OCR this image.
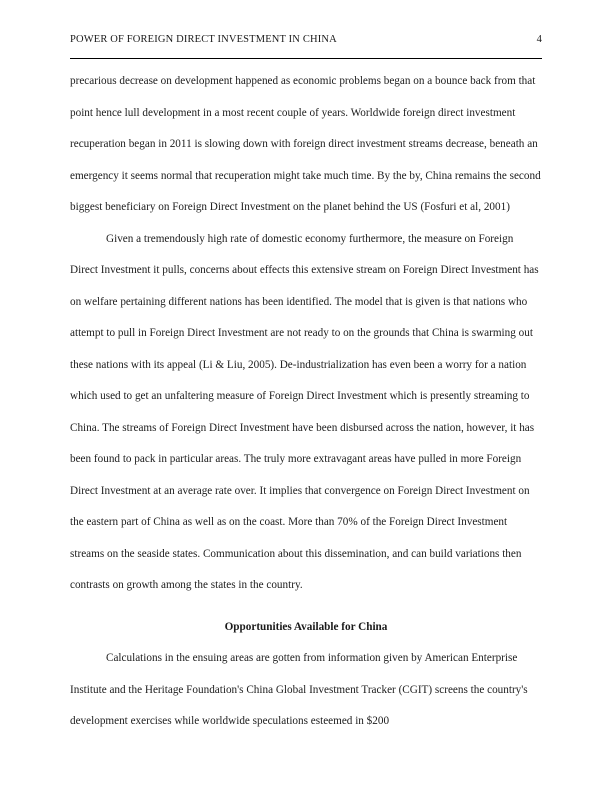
POWER OF FOREIGN DIRECT INVESTMENT IN CHINA	4

precarious decrease on development happened as economic problems began on a bounce back from that point hence lull development in a most recent couple of years. Worldwide foreign direct investment recuperation began in 2011 is slowing down with foreign direct investment streams decrease, beneath an emergency it seems normal that recuperation might take much time. By the by, China remains the second biggest beneficiary on Foreign Direct Investment on the planet behind the US (Fosfuri et al, 2001)

Given a tremendously high rate of domestic economy furthermore, the measure on Foreign Direct Investment it pulls, concerns about effects this extensive stream on Foreign Direct Investment has on welfare pertaining different nations has been identified. The model that is given is that nations who attempt to pull in Foreign Direct Investment are not ready to on the grounds that China is swarming out these nations with its appeal (Li & Liu, 2005). De-industrialization has even been a worry for a nation which used to get an unfaltering measure of Foreign Direct Investment which is presently streaming to China. The streams of Foreign Direct Investment have been disbursed across the nation, however, it has been found to pack in particular areas. The truly more extravagant areas have pulled in more Foreign Direct Investment at an average rate over. It implies that convergence on Foreign Direct Investment on the eastern part of China as well as on the coast. More than 70% of the Foreign Direct Investment streams on the seaside states. Communication about this dissemination, and can build variations then contrasts on growth among the states in the country.

Opportunities Available for China

Calculations in the ensuing areas are gotten from information given by American Enterprise Institute and the Heritage Foundation's China Global Investment Tracker (CGIT) screens the country's development exercises while worldwide speculations esteemed in $200
